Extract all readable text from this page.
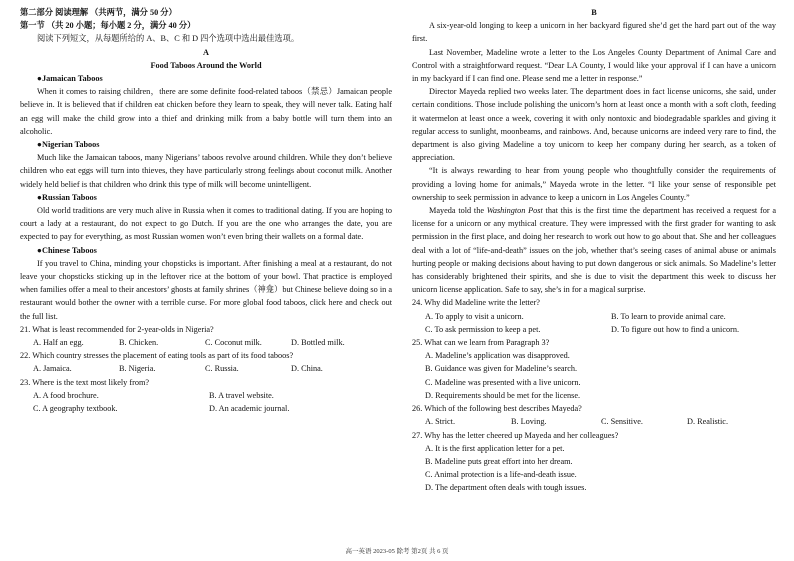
第二部分 阅读理解 （共两节，满分 50 分）

第一节 （共 20 小题；每小题 2 分，满分 40 分）

阅读下列短文，从每题所给的 A、B、C 和 D 四个选项中选出最佳选项。

A

Food Taboos Around the World

●Jamaican Taboos

When it comes to raising children，there are some definite food-related taboos（禁忌）Jamaican people believe in. It is believed that if children eat chicken before they learn to speak, they will never talk. Eating half an egg will make the child grow into a thief and drinking milk from a baby bottle will turn them into an alcoholic.

●Nigerian Taboos

Much like the Jamaican taboos, many Nigerians’ taboos revolve around children. While they don’t believe children who eat eggs will turn into thieves, they have particularly strong feelings about coconut milk. Another widely held belief is that children who drink this type of milk will become unintelligent.

●Russian Taboos

Old world traditions are very much alive in Russia when it comes to traditional dating. If you are hoping to court a lady at a restaurant, do not expect to go Dutch. If you are the one who arranges the date, you are expected to pay for everything, as most Russian women won’t even bring their wallets on a formal date.

●Chinese Taboos

If you travel to China, minding your chopsticks is important. After finishing a meal at a restaurant, do not leave your chopsticks sticking up in the leftover rice at the bottom of your bowl. That practice is employed when families offer a meal to their ancestors’ ghosts at family shrines（神龛）but Chinese believe doing so in a restaurant would bother the owner with a terrible curse. For more global food taboos, click here and check out the full list.

21. What is least recommended for 2-year-olds in Nigeria?

A. Half an egg.	B. Chicken.	C. Coconut milk.	D. Bottled milk.

22. Which country stresses the placement of eating tools as part of its food taboos?

A. Jamaica.	B. Nigeria.	C. Russia.	D. China.

23. Where is the text most likely from?

A. A food brochure.	B. A travel website.
C. A geography textbook.	D. An academic journal.

B

A six-year-old longing to keep a unicorn in her backyard figured she’d get the hard part out of the way first.

Last November, Madeline wrote a letter to the Los Angeles County Department of Animal Care and Control with a straightforward request. “Dear LA County, I would like your approval if I can have a unicorn in my backyard if I can find one. Please send me a letter in response.”

Director Mayeda replied two weeks later. The department does in fact license unicorns, she said, under certain conditions. Those include polishing the unicorn’s horn at least once a month with a soft cloth, feeding it watermelon at least once a week, covering it with only nontoxic and biodegradable sparkles and giving it regular access to sunlight, moonbeams, and rainbows. And, because unicorns are indeed very rare to find, the department is also giving Madeline a toy unicorn to keep her company during her search, as a token of appreciation.

“It is always rewarding to hear from young people who thoughtfully consider the requirements of providing a loving home for animals,” Mayeda wrote in the letter. “I like your sense of responsible pet ownership to seek permission in advance to keep a unicorn in Los Angeles County.”

Mayeda told the Washington Post that this is the first time the department has received a request for a license for a unicorn or any mythical creature. They were impressed with the first grader for wanting to ask permission in the first place, and doing her research to work out how to go about that. She and her colleagues deal with a lot of “life-and-death” issues on the job, whether that’s seeing cases of animal abuse or animals hurting people or making decisions about having to put down dangerous or sick animals. So Madeline’s letter has considerably brightened their spirits, and she is due to visit the department this week to discuss her unicorn license application. Safe to say, she’s in for a magical surprise.

24. Why did Madeline write the letter?

A. To apply to visit a unicorn.	B. To learn to provide animal care.
C. To ask permission to keep a pet.	D. To figure out how to find a unicorn.

25. What can we learn from Paragraph 3?

A. Madeline’s application was disapproved.
B. Guidance was given for Madeline’s search.
C. Madeline was presented with a live unicorn.
D. Requirements should be met for the license.

26. Which of the following best describes Mayeda?

A. Strict.	B. Loving.	C. Sensitive.	D. Realistic.

27. Why has the letter cheered up Mayeda and her colleagues?

A. It is the first application letter for a pet.
B. Madeline puts great effort into her dream.
C. Animal protection is a life-and-death issue.
D. The department often deals with tough issues.
高一英语 2023-05 除考 第2页 共 6 页
